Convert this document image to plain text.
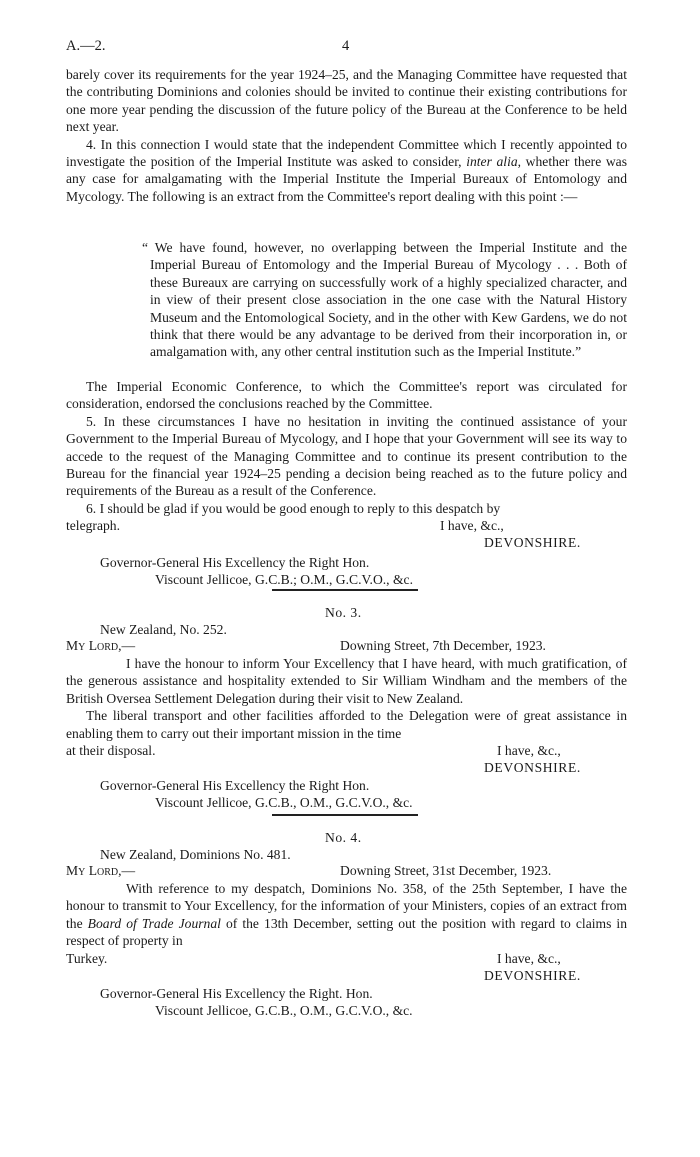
A.—2.	4

barely cover its requirements for the year 1924–25, and the Managing Committee have requested that the contributing Dominions and colonies should be invited to continue their existing contributions for one more year pending the discussion of the future policy of the Bureau at the Conference to be held next year.

4. In this connection I would state that the independent Committee which I recently appointed to investigate the position of the Imperial Institute was asked to consider, inter alia, whether there was any case for amalgamating with the Imperial Institute the Imperial Bureaux of Entomology and Mycology. The following is an extract from the Committee's report dealing with this point :—

“ We have found, however, no overlapping between the Imperial Institute and the Imperial Bureau of Entomology and the Imperial Bureau of Mycology . . . Both of these Bureaux are carrying on successfully work of a highly specialized character, and in view of their present close association in the one case with the Natural History Museum and the Entomological Society, and in the other with Kew Gardens, we do not think that there would be any advantage to be derived from their incorporation in, or amalgamation with, any other central institution such as the Imperial Institute.”

The Imperial Economic Conference, to which the Committee's report was circulated for consideration, endorsed the conclusions reached by the Committee.

5. In these circumstances I have no hesitation in inviting the continued assistance of your Government to the Imperial Bureau of Mycology, and I hope that your Government will see its way to accede to the request of the Managing Committee and to continue its present contribution to the Bureau for the financial year 1924–25 pending a decision being reached as to the future policy and requirements of the Bureau as a result of the Conference.

6. I should be glad if you would be good enough to reply to this despatch by

telegraph.	I have, &c.,
DEVONSHIRE.
Governor-General His Excellency the Right Hon.
Viscount Jellicoe, G.C.B.; O.M., G.C.V.O., &c.
No. 3.
New Zealand, No. 252.
My Lord,—	Downing Street, 7th December, 1923.

I have the honour to inform Your Excellency that I have heard, with much gratification, of the generous assistance and hospitality extended to Sir William Windham and the members of the British Oversea Settlement Delegation during their visit to New Zealand.

The liberal transport and other facilities afforded to the Delegation were of great assistance in enabling them to carry out their important mission in the time

at their disposal.	I have, &c.,
DEVONSHIRE.
Governor-General His Excellency the Right Hon.
Viscount Jellicoe, G.C.B., O.M., G.C.V.O., &c.
No. 4.
New Zealand, Dominions No. 481.
My Lord,—	Downing Street, 31st December, 1923.

With reference to my despatch, Dominions No. 358, of the 25th September, I have the honour to transmit to Your Excellency, for the information of your Ministers, copies of an extract from the Board of Trade Journal of the 13th December, setting out the position with regard to claims in respect of property in

Turkey.	I have, &c.,
DEVONSHIRE.
Governor-General His Excellency the Right. Hon.
Viscount Jellicoe, G.C.B., O.M., G.C.V.O., &c.
